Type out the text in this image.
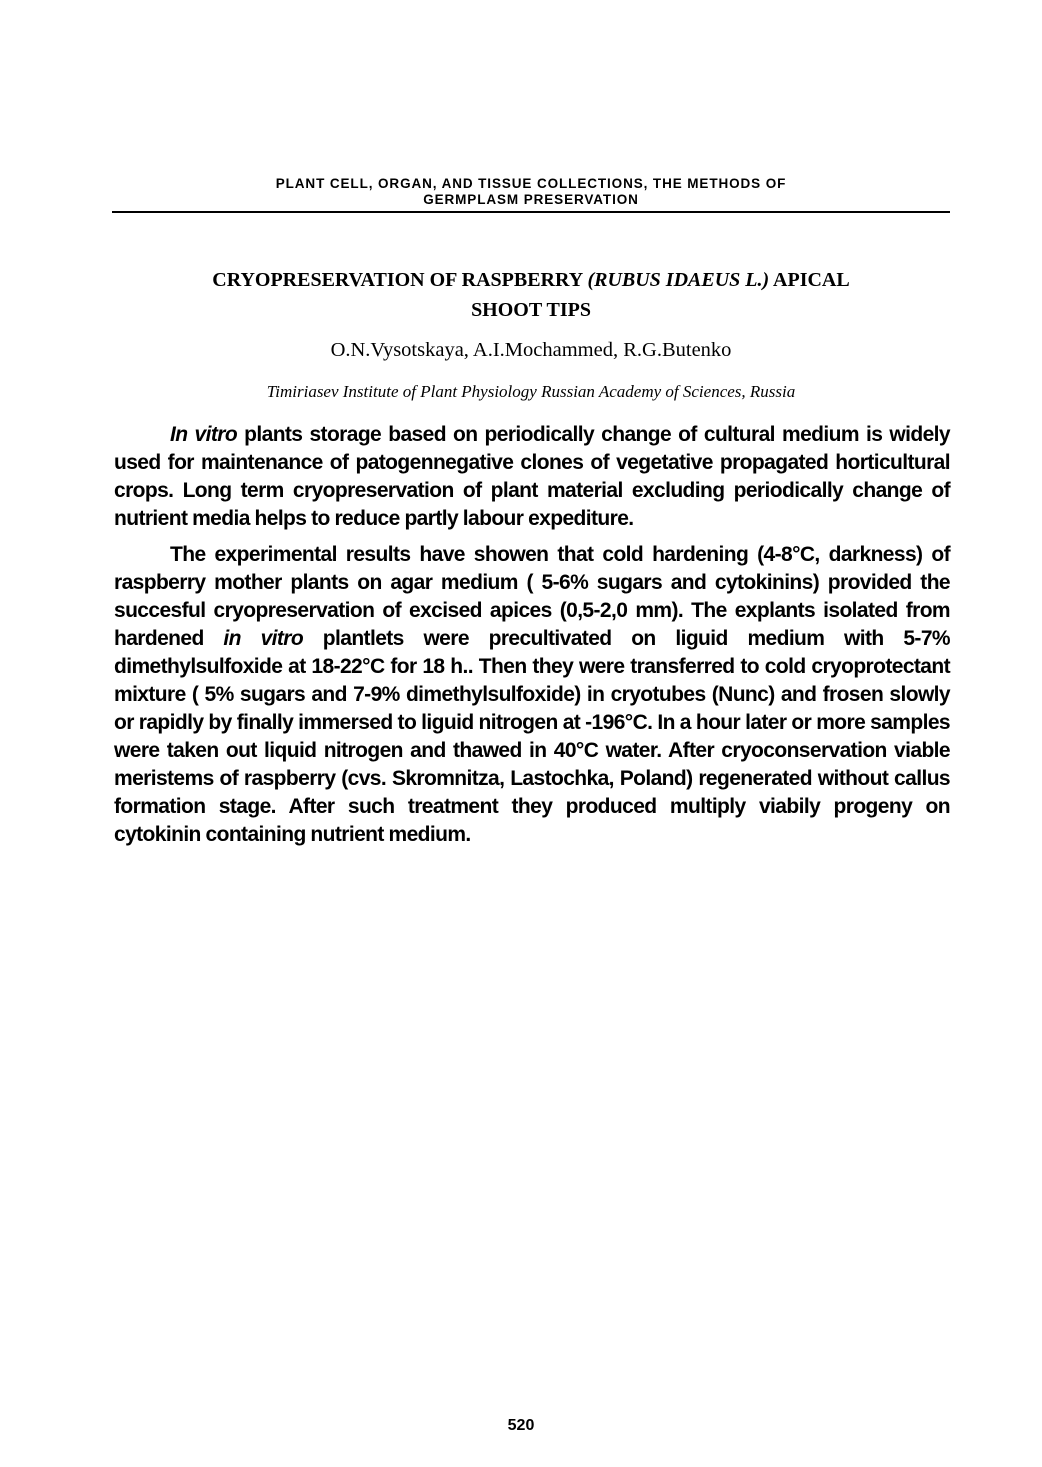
PLANT CELL, ORGAN, AND TISSUE COLLECTIONS, THE METHODS OF
GERMPLASM PRESERVATION
CRYOPRESERVATION OF RASPBERRY (RUBUS IDAEUS L.) APICAL
SHOOT TIPS
O.N.Vysotskaya, A.I.Mochammed, R.G.Butenko
Timiriasev Institute of Plant Physiology Russian Academy of Sciences, Russia

In vitro plants storage based on periodically change of cultural medium is widely used for maintenance of patogennegative clones of vegetative propagated horticultural crops. Long term cryopreservation of plant material excluding periodically change of nutrient media helps to reduce partly labour expediture.

The experimental results have showen that cold hardening (4-8°C, darkness) of raspberry mother plants on agar medium ( 5-6% sugars and cytokinins) provided the succesful cryopreservation of excised apices (0,5-2,0 mm). The explants isolated from hardened in vitro plantlets were precultivated on liguid medium with 5-7% dimethylsulfoxide at 18-22°C for 18 h.. Then they were transferred to cold cryoprotectant mixture ( 5% sugars and 7-9% dimethylsulfoxide) in cryotubes (Nunc) and frosen slowly or rapidly by finally immersed to liguid nitrogen at -196°C. In a hour later or more samples were taken out liquid nitrogen and thawed in 40°C water. After cryoconservation viable meristems of raspberry (cvs. Skromnitza, Lastochka, Poland) regenerated without callus formation stage. After such treatment they produced multiply viabily progeny on cytokinin containing nutrient medium.

520
